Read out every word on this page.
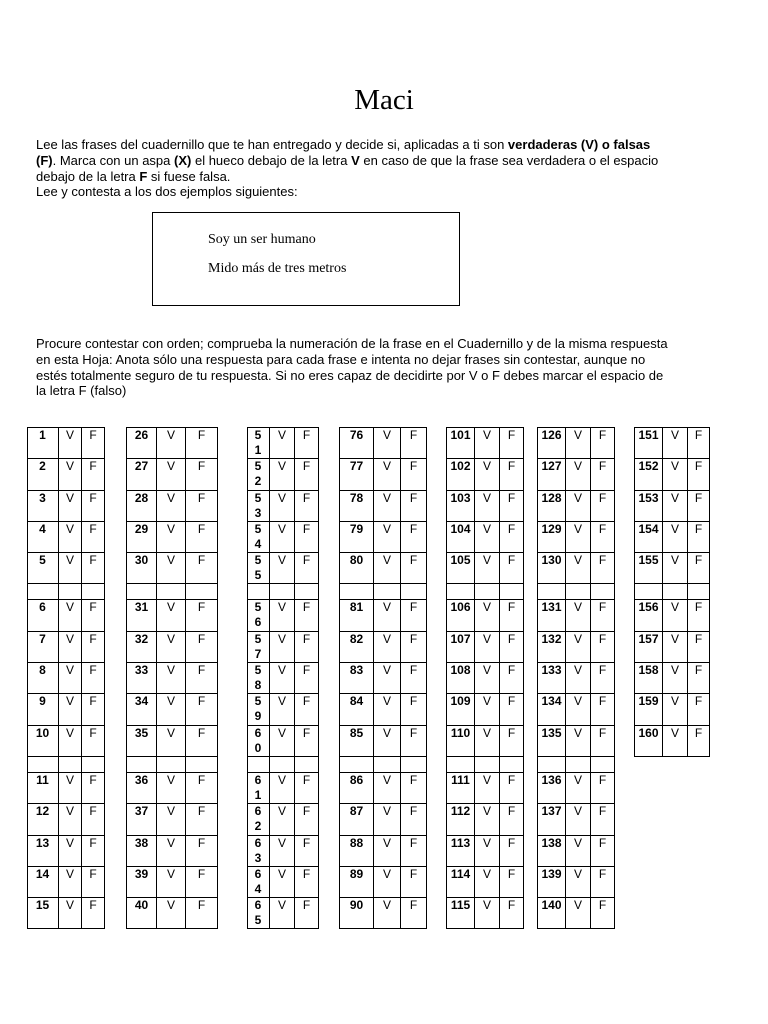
Maci
Lee las frases del cuadernillo que te han entregado y decide si, aplicadas a ti son verdaderas (V) o falsas
(F). Marca con un aspa (X) el hueco debajo de la letra V en caso de que la frase sea verdadera o el espacio
debajo de la letra F si fuese falsa.
Lee y contesta a los dos ejemplos siguientes:
Soy un ser humano
Mido más de tres metros
Procure contestar con orden; comprueba la numeración de la frase en el Cuadernillo y de la misma respuesta
en esta Hoja: Anota sólo una respuesta para cada frase e intenta no dejar frases sin contestar, aunque no
estés totalmente seguro de tu respuesta. Si no eres capaz de decidirte por V o F debes marcar el espacio de
la letra F (falso)
1	V	F
2	V	F
3	V	F
4	V	F
5	V	F

6	V	F
7	V	F
8	V	F
9	V	F
10	V	F

11	V	F
12	V	F
13	V	F
14	V	F
15	V	F
26	V	F
27	V	F
28	V	F
29	V	F
30	V	F

31	V	F
32	V	F
33	V	F
34	V	F
35	V	F

36	V	F
37	V	F
38	V	F
39	V	F
40	V	F
51	V	F
52	V	F
53	V	F
54	V	F
55	V	F

56	V	F
57	V	F
58	V	F
59	V	F
60	V	F

61	V	F
62	V	F
63	V	F
64	V	F
65	V	F
76	V	F
77	V	F
78	V	F
79	V	F
80	V	F

81	V	F
82	V	F
83	V	F
84	V	F
85	V	F

86	V	F
87	V	F
88	V	F
89	V	F
90	V	F
101	V	F
102	V	F
103	V	F
104	V	F
105	V	F

106	V	F
107	V	F
108	V	F
109	V	F
110	V	F

111	V	F
112	V	F
113	V	F
114	V	F
115	V	F
126	V	F
127	V	F
128	V	F
129	V	F
130	V	F

131	V	F
132	V	F
133	V	F
134	V	F
135	V	F

136	V	F
137	V	F
138	V	F
139	V	F
140	V	F
151	V	F
152	V	F
153	V	F
154	V	F
155	V	F

156	V	F
157	V	F
158	V	F
159	V	F
160	V	F
